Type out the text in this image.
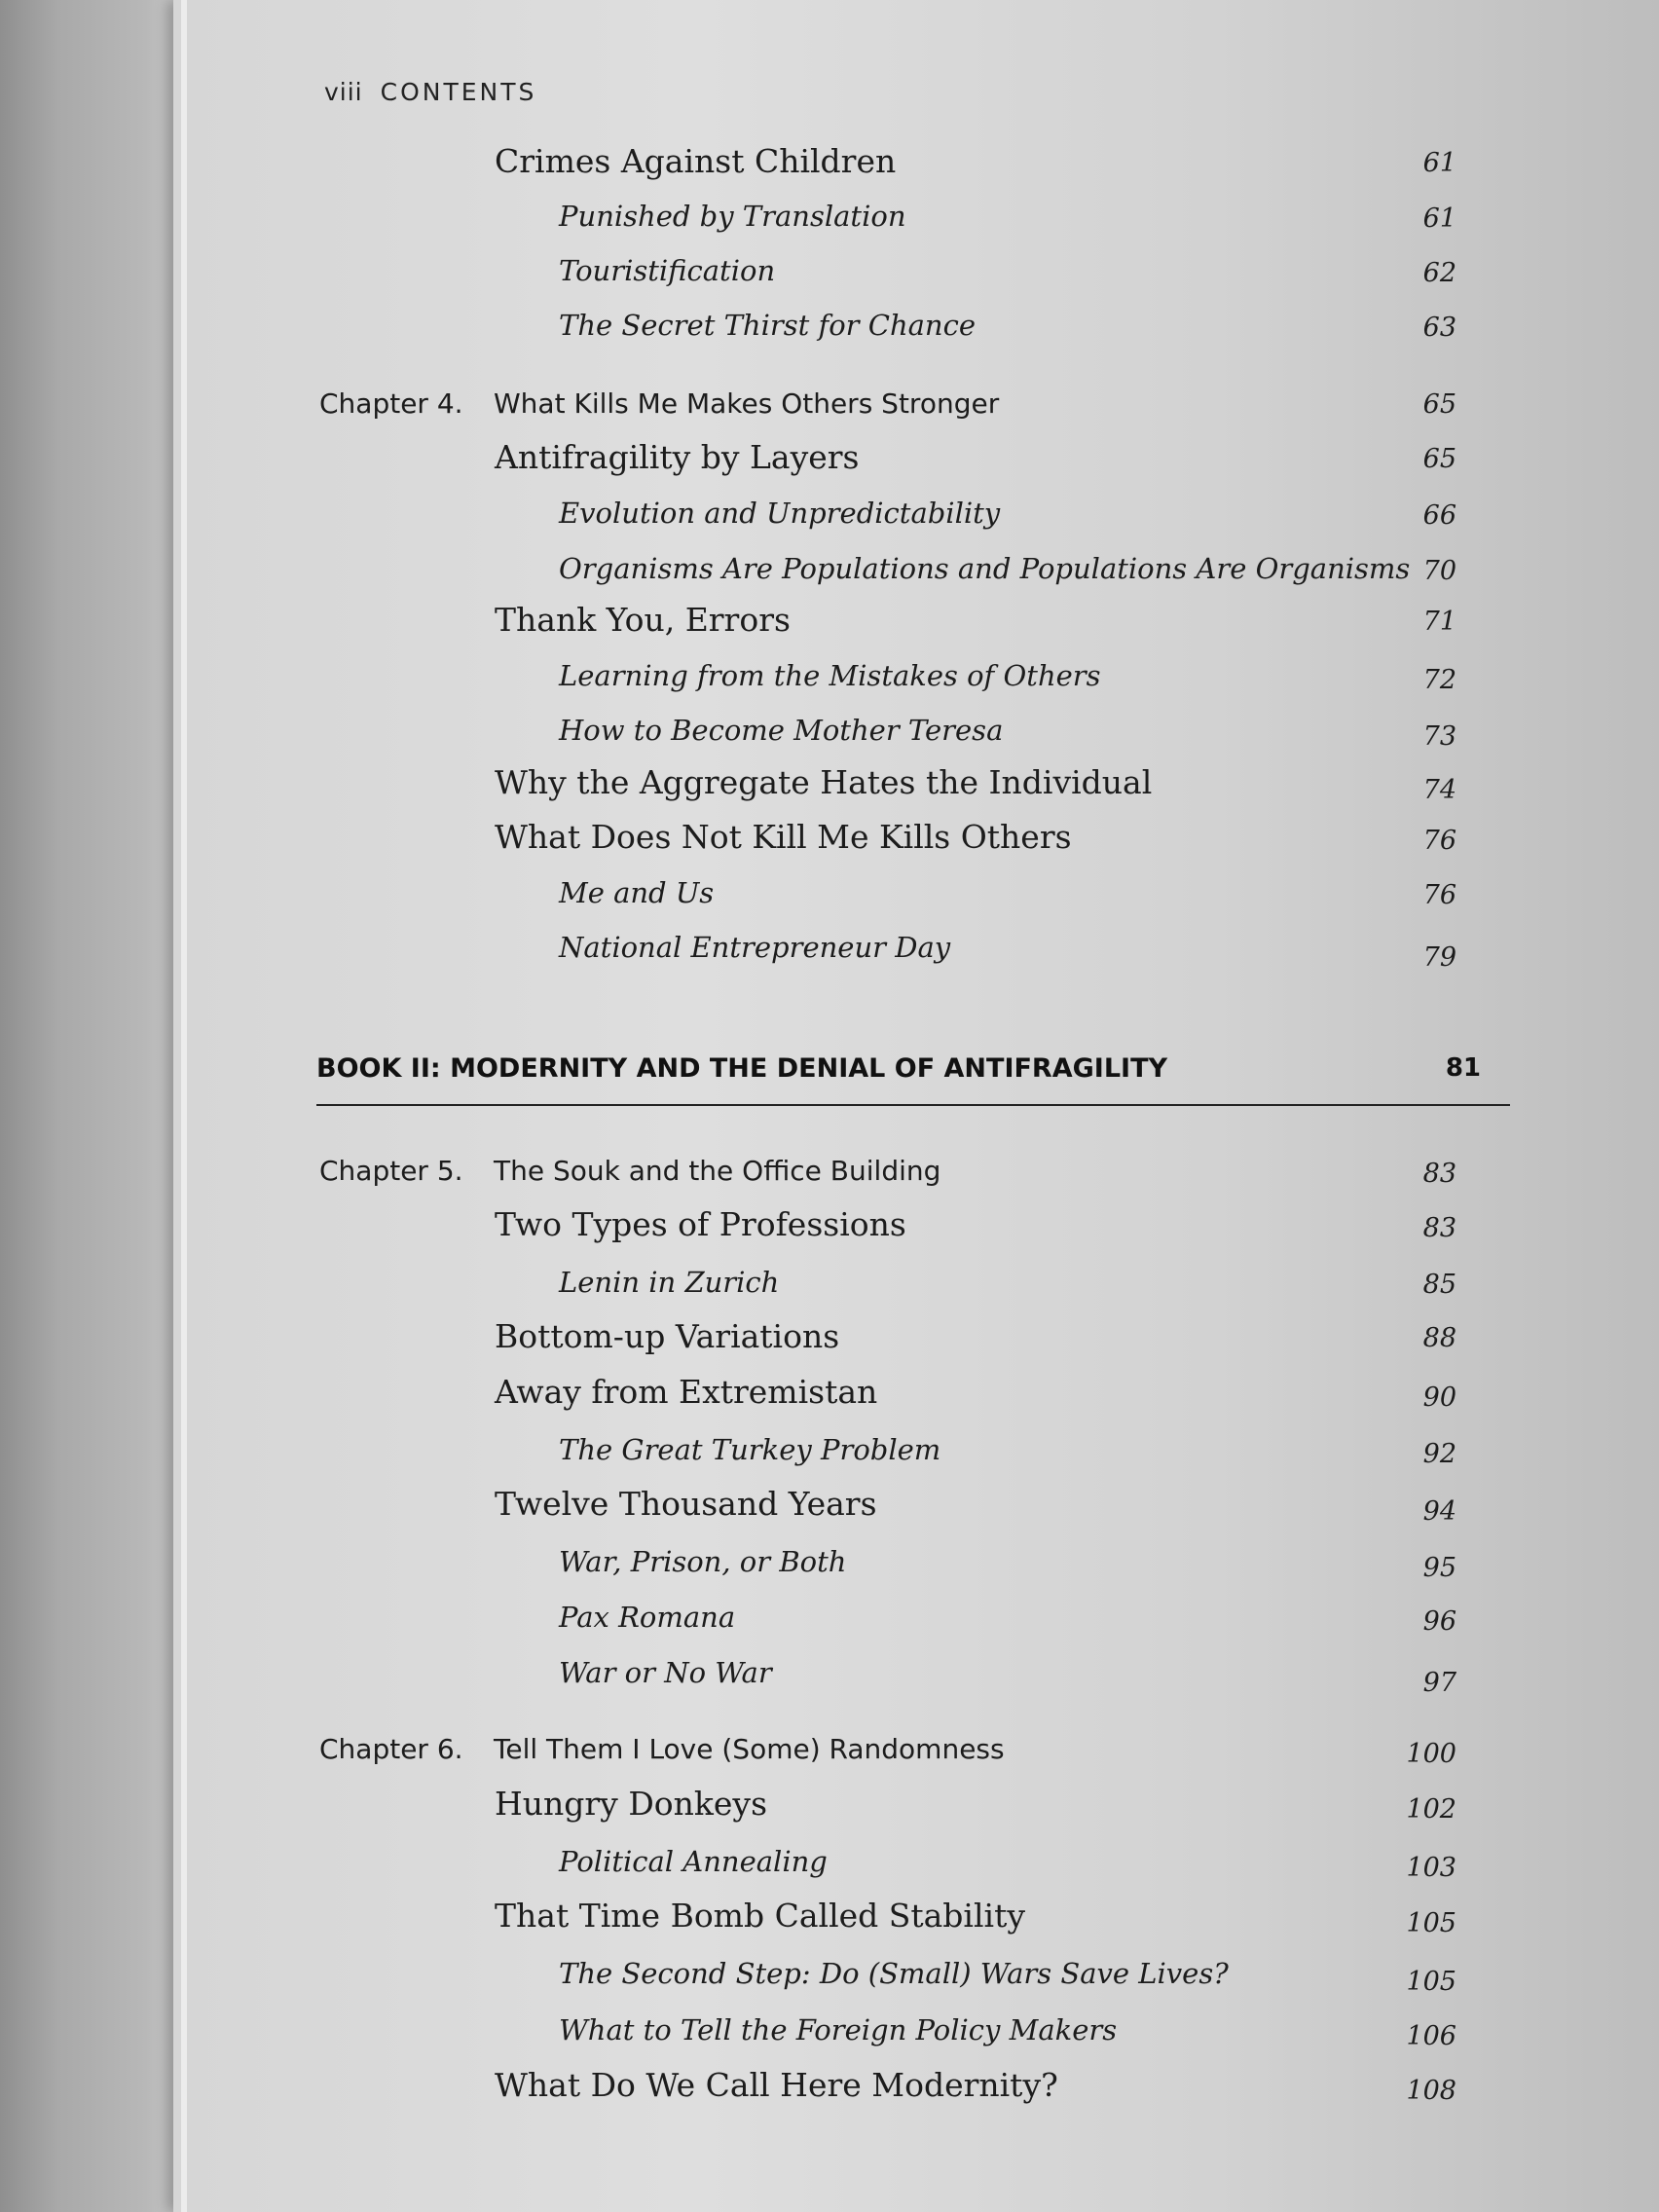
viii CONTENTS
Crimes Against Children	61
Punished by Translation	61
Touristification	62
The Secret Thirst for Chance	63
Chapter 4. What Kills Me Makes Others Stronger	65
Antifragility by Layers	65
Evolution and Unpredictability	66
Organisms Are Populations and Populations Are Organisms 70
Thank You, Errors	71
Learning from the Mistakes of Others	72
How to Become Mother Teresa	73
Why the Aggregate Hates the Individual	74
What Does Not Kill Me Kills Others	76
Me and Us	76
National Entrepreneur Day	79
BOOK II: MODERNITY AND THE DENIAL OF ANTIFRAGILITY	81
Chapter 5. The Souk and the Office Building	83
Two Types of Professions	83
Lenin in Zurich	85
Bottom-up Variations	88
Away from Extremistan	90
The Great Turkey Problem	92
Twelve Thousand Years	94
War, Prison, or Both	95
Pax Romana	96
War or No War	97
Chapter 6. Tell Them I Love (Some) Randomness	100
Hungry Donkeys	102
Political Annealing	103
That Time Bomb Called Stability	105
The Second Step: Do (Small) Wars Save Lives?	105
What to Tell the Foreign Policy Makers	106
What Do We Call Here Modernity?	108
